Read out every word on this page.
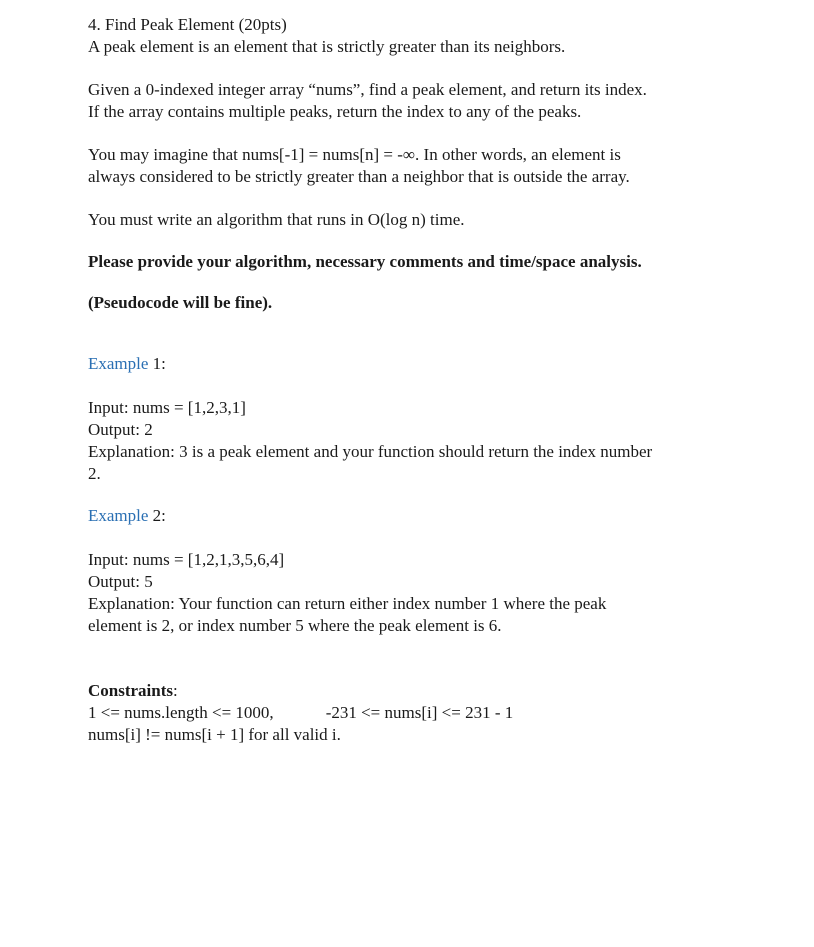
4. Find Peak Element (20pts)

A peak element is an element that is strictly greater than its neighbors.

Given a 0-indexed integer array “nums”, find a peak element, and return its index.

If the array contains multiple peaks, return the index to any of the peaks.

You may imagine that nums[-1] = nums[n] = -∞. In other words, an element is

always considered to be strictly greater than a neighbor that is outside the array.

You must write an algorithm that runs in O(log n) time.

Please provide your algorithm, necessary comments and time/space analysis.

(Pseudocode will be fine).

Example 1:

Input: nums = [1,2,3,1]

Output: 2

Explanation: 3 is a peak element and your function should return the index number

2.

Example 2:

Input: nums = [1,2,1,3,5,6,4]

Output: 5

Explanation: Your function can return either index number 1 where the peak

element is 2, or index number 5 where the peak element is 6.

Constraints:

1 <= nums.length <= 1000,	-231 <= nums[i] <= 231 - 1

nums[i] != nums[i + 1] for all valid i.
